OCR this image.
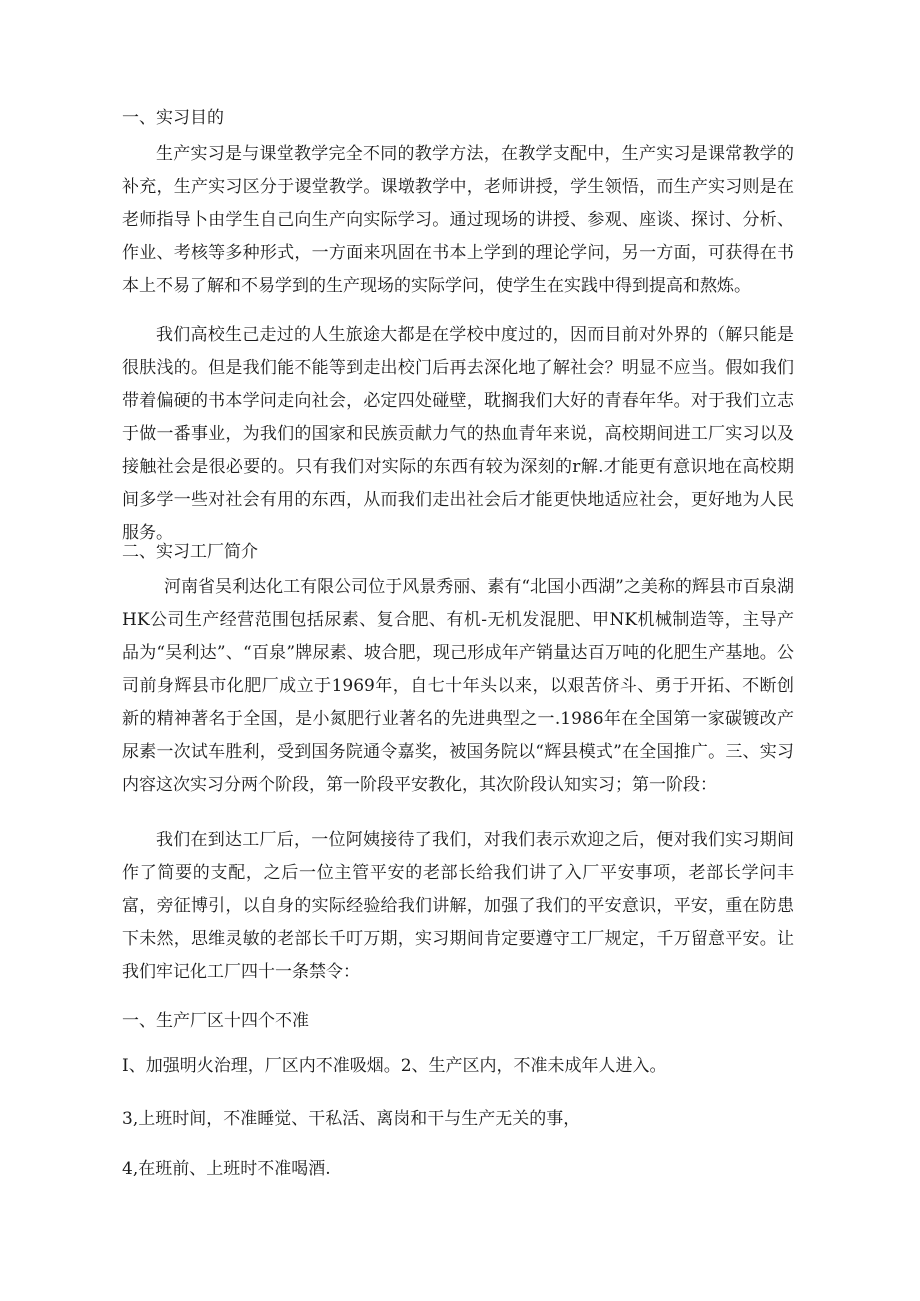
一、实习目的

生产实习是与课堂教学完全不同的教学方法，在教学支配中，生产实习是课常教学的补充，生产实习区分于谡堂教学。课墩教学中，老师讲授，学生领悟，而生产实习则是在老师指导卜由学生自己向生产向实际学习。通过现场的讲授、参观、座谈、探讨、分析、作业、考核等多种形式，一方面来巩固在书本上学到的理论学问，另一方面，可获得在书本上不易了解和不易学到的生产现场的实际学问，使学生在实践中得到提高和熬炼。

我们高校生己走过的人生旅途大都是在学校中度过的，因而目前对外界的（解只能是很肤浅的。但是我们能不能等到走出校门后再去深化地了解社会？明显不应当。假如我们带着偏硬的书本学问走向社会，必定四处碰壁，耽搁我们大好的青春年华。对于我们立志于做一番事业，为我们的国家和民族贡献力气的热血青年来说，高校期间进工厂实习以及接触社会是很必要的。只有我们对实际的东西有较为深刻的r解.才能更有意识地在高校期间多学一些对社会有用的东西，从而我们走出社会后才能更快地适应社会，更好地为人民服务。

二、实习工厂简介

河南省吴利达化工有限公司位于风景秀丽、素有“北国小西湖”之美称的辉县市百泉湖HK公司生产经营范围包括尿素、复合肥、有机-无机发混肥、甲NK机械制造等，主导产品为“吴利达”、“百泉”牌尿素、坡合肥，现己形成年产销量达百万吨的化肥生产基地。公司前身辉县市化肥厂成立于1969年，自七十年头以来，以艰苦侪斗、勇于开拓、不断创新的精神著名于全国，是小氮肥行业著名的先进典型之一.1986年在全国第一家碳镀改产尿素一次试车胜利，受到国务院通令嘉奖，被国务院以“辉县模式”在全国推广。三、实习内容这次实习分两个阶段，第一阶段平安教化，其次阶段认知实习；第一阶段：

我们在到达工厂后，一位阿姨接待了我们，对我们表示欢迎之后，便对我们实习期间作了简要的支配，之后一位主管平安的老部长给我们讲了入厂平安事项，老部长学问丰富，旁征博引，以自身的实际经验给我们讲解，加强了我们的平安意识，平安，重在防患下未然，思维灵敏的老部长千叮万期，实习期间肯定要遵守工厂规定，千万留意平安。让我们牢记化工厂四十一条禁令：

一、生产厂区十四个不准

I、加强明火治理，厂区内不准吸烟。2、生产区内，不准未成年人进入。

3,上班时间，不准睡觉、干私活、离岗和干与生产无关的事，

4,在班前、上班时不准喝酒.
